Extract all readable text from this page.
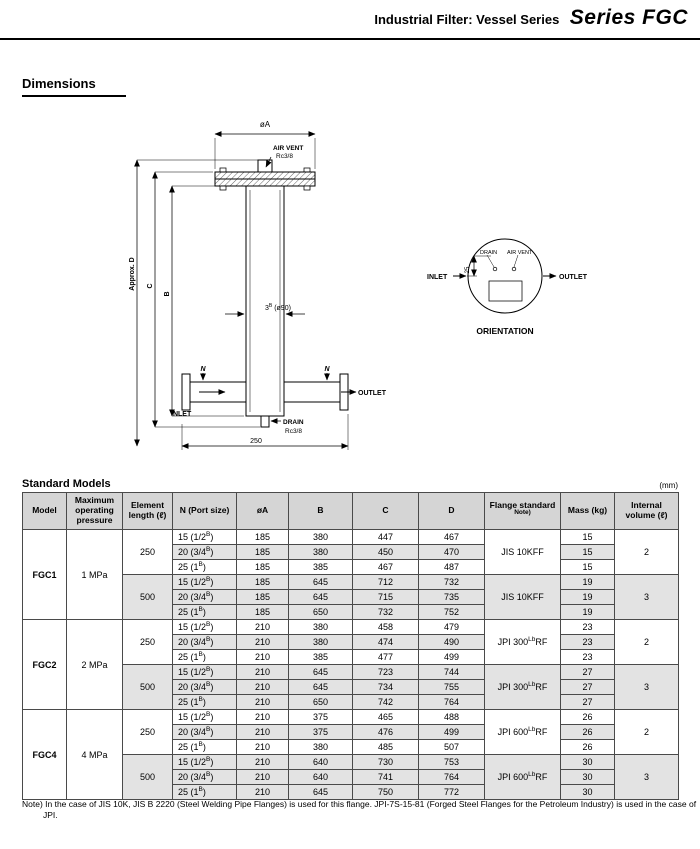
Industrial Filter: Vessel Series Series FGC
Dimensions
øA
AIR VENT
Rc3/8
Approx. D C
B
$3^B$ (ø90)
N	N
INLET
OUTLET
DRAIN
Rc3/8
250
DRAIN AIR VENT
25
INLET	OUTLET
ORIENTATION
Standard Models	(mm)
Model	Maximum operating pressure	Element length (ℓ)	N (Port size)	øA	B	C	D	Flange standard $^{Note)}$	Mass (kg)	Internal volume (ℓ)
FGC1	1 MPa	250	15 $(1/2^B)$	185	380	447	467	JIS 10KFF	15	2
			20 $(3/4^B)$	185	380	450	470		15	
			25 $(1^B)$	185	385	467	487		15	
		500	15 $(1/2^B)$	185	645	712	732	JIS 10KFF	19	3
			20 $(3/4^B)$	185	645	715	735		19	
			25 $(1^B)$	185	650	732	752		19	
FGC2	2 MPa	250	15 $(1/2^B)$	210	380	458	479	JPI $300^{Lb}RF$	23	2
			20 $(3/4^B)$	210	380	474	490		23	
			25 $(1^B)$	210	385	477	499		23	
		500	15 $(1/2^B)$	210	645	723	744	JPI $300^{Lb}RF$	27	3
			20 $(3/4^B)$	210	645	734	755		27	
			25 $(1^B)$	210	650	742	764		27	
FGC4	4 MPa	250	15 $(1/2^B)$	210	375	465	488	JPI $600^{Lb}RF$	26	2
			20 $(3/4^B)$	210	375	476	499		26	
			25 $(1^B)$	210	380	485	507		26	
		500	15 $(1/2^B)$	210	640	730	753	JPI $600^{Lb}RF$	30	3
			20 $(3/4^B)$	210	640	741	764		30	
			25 $(1^B)$	210	645	750	772		30	

Note) In the case of JIS 10K, JIS B 2220 (Steel Welding Pipe Flanges) is used for this flange. JPI-7S-15-81 (Forged Steel Flanges for the Petroleum Industry) is used in the case of JPI.
